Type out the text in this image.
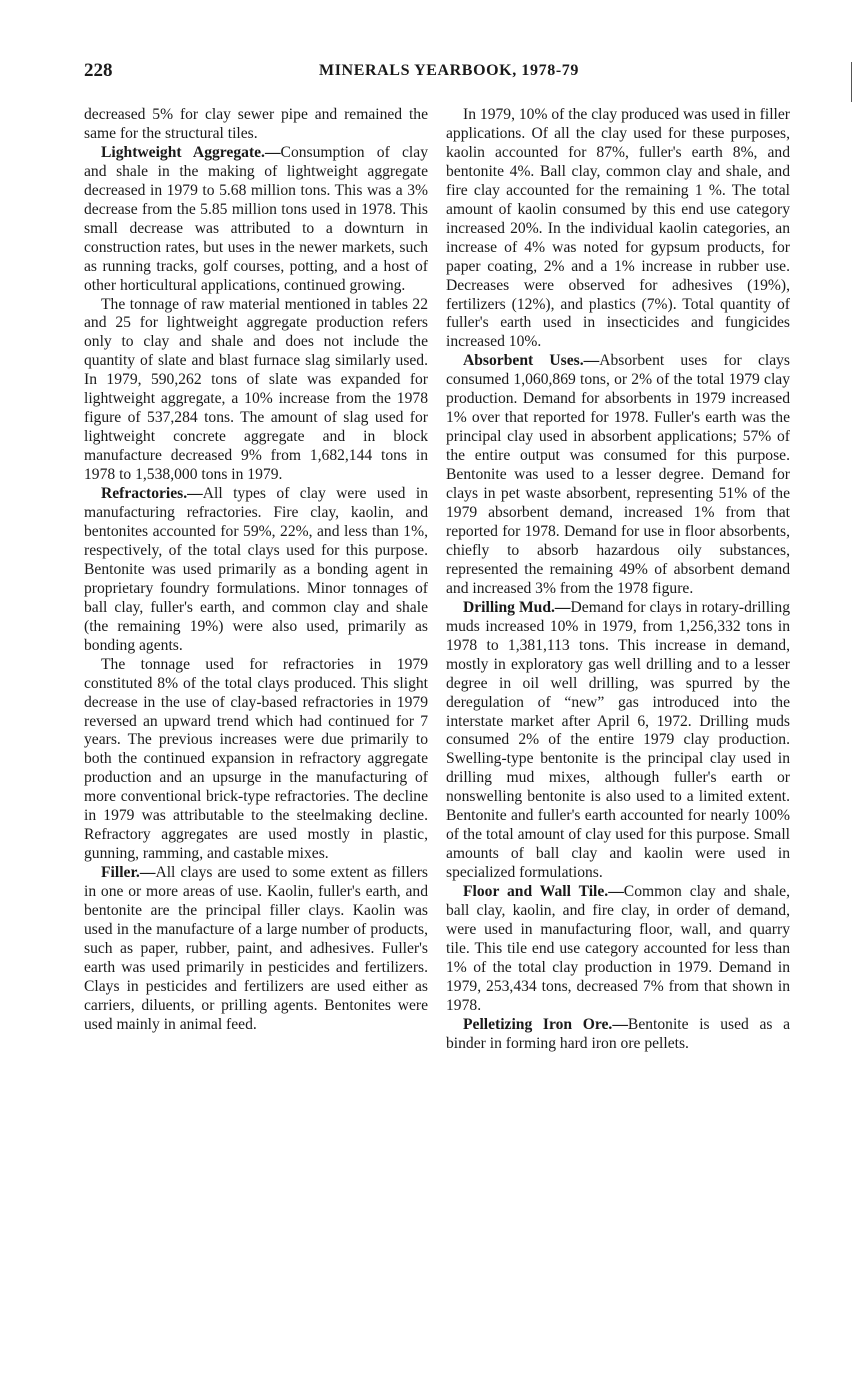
228	MINERALS YEARBOOK, 1978-79

decreased 5% for clay sewer pipe and remained the same for the structural tiles.

Lightweight Aggregate.—Consumption of clay and shale in the making of lightweight aggregate decreased in 1979 to 5.68 million tons. This was a 3% decrease from the 5.85 million tons used in 1978. This small decrease was attributed to a downturn in construction rates, but uses in the newer markets, such as running tracks, golf courses, potting, and a host of other horticultural applications, continued growing.

The tonnage of raw material mentioned in tables 22 and 25 for lightweight aggregate production refers only to clay and shale and does not include the quantity of slate and blast furnace slag similarly used. In 1979, 590,262 tons of slate was expanded for lightweight aggregate, a 10% increase from the 1978 figure of 537,284 tons. The amount of slag used for lightweight concrete aggregate and in block manufacture decreased 9% from 1,682,144 tons in 1978 to 1,538,000 tons in 1979.

Refractories.—All types of clay were used in manufacturing refractories. Fire clay, kaolin, and bentonites accounted for 59%, 22%, and less than 1%, respectively, of the total clays used for this purpose. Bentonite was used primarily as a bonding agent in proprietary foundry formulations. Minor tonnages of ball clay, fuller's earth, and common clay and shale (the remaining 19%) were also used, primarily as bonding agents.

The tonnage used for refractories in 1979 constituted 8% of the total clays produced. This slight decrease in the use of clay-based refractories in 1979 reversed an upward trend which had continued for 7 years. The previous increases were due primarily to both the continued expansion in refractory aggregate production and an upsurge in the manufacturing of more conventional brick-type refractories. The decline in 1979 was attributable to the steelmaking decline. Refractory aggregates are used mostly in plastic, gunning, ramming, and castable mixes.

Filler.—All clays are used to some extent as fillers in one or more areas of use. Kaolin, fuller's earth, and bentonite are the principal filler clays. Kaolin was used in the manufacture of a large number of products, such as paper, rubber, paint, and adhesives. Fuller's earth was used primarily in pesticides and fertilizers. Clays in pesticides and fertilizers are used either as carriers, diluents, or prilling agents. Bentonites were used mainly in animal feed.

In 1979, 10% of the clay produced was used in filler applications. Of all the clay used for these purposes, kaolin accounted for 87%, fuller's earth 8%, and bentonite 4%. Ball clay, common clay and shale, and fire clay accounted for the remaining 1 %. The total amount of kaolin consumed by this end use category increased 20%. In the individual kaolin categories, an increase of 4% was noted for gypsum products, for paper coating, 2% and a 1% increase in rubber use. Decreases were observed for adhesives (19%), fertilizers (12%), and plastics (7%). Total quantity of fuller's earth used in insecticides and fungicides increased 10%.

Absorbent Uses.—Absorbent uses for clays consumed 1,060,869 tons, or 2% of the total 1979 clay production. Demand for absorbents in 1979 increased 1% over that reported for 1978. Fuller's earth was the principal clay used in absorbent applications; 57% of the entire output was consumed for this purpose. Bentonite was used to a lesser degree. Demand for clays in pet waste absorbent, representing 51% of the 1979 absorbent demand, increased 1% from that reported for 1978. Demand for use in floor absorbents, chiefly to absorb hazardous oily substances, represented the remaining 49% of absorbent demand and increased 3% from the 1978 figure.

Drilling Mud.—Demand for clays in rotary-drilling muds increased 10% in 1979, from 1,256,332 tons in 1978 to 1,381,113 tons. This increase in demand, mostly in exploratory gas well drilling and to a lesser degree in oil well drilling, was spurred by the deregulation of “new” gas introduced into the interstate market after April 6, 1972. Drilling muds consumed 2% of the entire 1979 clay production. Swelling-type bentonite is the principal clay used in drilling mud mixes, although fuller's earth or nonswelling bentonite is also used to a limited extent. Bentonite and fuller's earth accounted for nearly 100% of the total amount of clay used for this purpose. Small amounts of ball clay and kaolin were used in specialized formulations.

Floor and Wall Tile.—Common clay and shale, ball clay, kaolin, and fire clay, in order of demand, were used in manufacturing floor, wall, and quarry tile. This tile end use category accounted for less than 1% of the total clay production in 1979. Demand in 1979, 253,434 tons, decreased 7% from that shown in 1978.

Pelletizing Iron Ore.—Bentonite is used as a binder in forming hard iron ore pellets.
